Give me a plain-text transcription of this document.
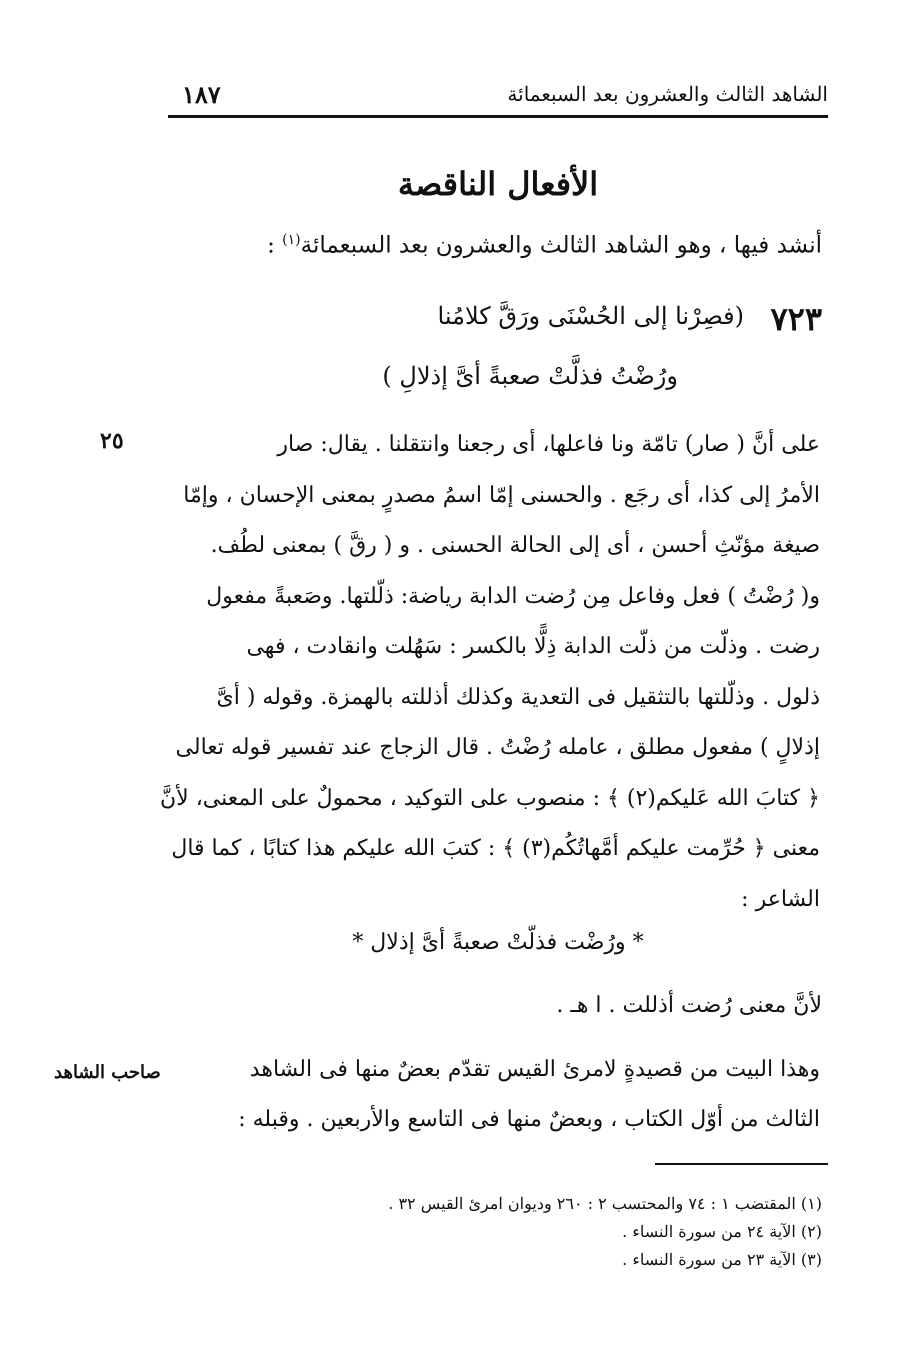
الشاهد الثالث والعشرون بعد السبعمائة
١٨٧
الأفعال الناقصة
أنشد فيها ، وهو الشاهد الثالث والعشرون بعد السبعمائة$^{(١)}$ :
٧٢٣
(فصِرْنا إلى الحُسْنَى ورَقَّ كلامُنا
ورُضْتُ فذلَّتْ صعبةً أىَّ إذلالِ )
٢٥	على أنَّ ( صار) تامّة ونا فاعلها، أى رجعنا وانتقلنا . يقال: صار

الأمرُ إلى كذا، أى رجَع . والحسنى إمّا اسمُ مصدرٍ بمعنى الإحسان ، وإمّا

صيغة مؤنّثِ أحسن ، أى إلى الحالة الحسنى . و ( رقَّ ) بمعنى لطُف.

و( رُضْتُ ) فعل وفاعل مِن رُضت الدابة رياضة: ذلّلتها. وصَعبةً مفعول

رضت . وذلّت من ذلّت الدابة ذِلًّا بالكسر : سَهُلت وانقادت ، فهى

ذلول . وذلّلتها بالتثقيل فى التعدية وكذلك أذللته بالهمزة. وقوله ( أىَّ

إذلالٍ ) مفعول مطلق ، عامله رُضْتُ . قال الزجاج عند تفسير قوله تعالى

﴿ كتابَ الله عَليكم(٢) ﴾ : منصوب على التوكيد ، محمولٌ على المعنى، لأنَّ

معنى ﴿ حُرِّمت عليكم أمَّهاتُكُم(٣) ﴾ : كتبَ الله عليكم هذا كتابًا ، كما قال

الشاعر :

* ورُضْت فذلّتْ صعبةً أىَّ إذلال *
لأنَّ معنى رُضت أذللت . ا هـ .
صاحب الشاهد	وهذا البيت من قصيدةٍ لامرئ القيس تقدّم بعضٌ منها فى الشاهد

الثالث من أوّل الكتاب ، وبعضٌ منها فى التاسع والأربعين . وقبله :

(١) المقتضب ١ : ٧٤ والمحتسب ٢ : ٢٦٠ وديوان امرئ القيس ٣٢ .
(٢) الآية ٢٤ من سورة النساء .
(٣) الآية ٢٣ من سورة النساء .
